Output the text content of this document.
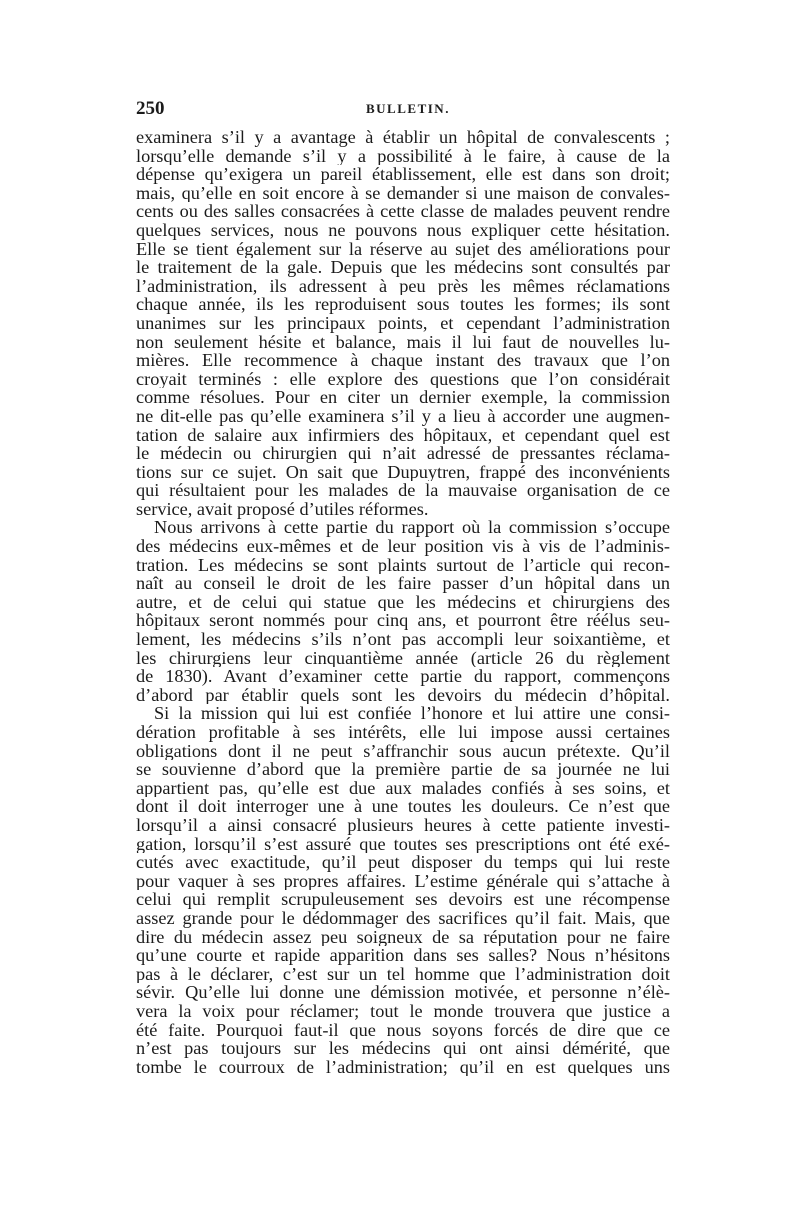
250	BULLETIN.
examinera s’il y a avantage à établir un hôpital de convalescents ;
lorsqu’elle demande s’il y a possibilité à le faire, à cause de la
dépense qu’exigera un pareil établissement, elle est dans son droit;
mais, qu’elle en soit encore à se demander si une maison de convales-
cents ou des salles consacrées à cette classe de malades peuvent rendre
quelques services, nous ne pouvons nous expliquer cette hésitation.
Elle se tient également sur la réserve au sujet des améliorations pour
le traitement de la gale. Depuis que les médecins sont consultés par
l’administration, ils adressent à peu près les mêmes réclamations
chaque année, ils les reproduisent sous toutes les formes; ils sont
unanimes sur les principaux points, et cependant l’administration
non seulement hésite et balance, mais il lui faut de nouvelles lu-
mières. Elle recommence à chaque instant des travaux que l’on
croyait terminés : elle explore des questions que l’on considérait
comme résolues. Pour en citer un dernier exemple, la commission
ne dit-elle pas qu’elle examinera s’il y a lieu à accorder une augmen-
tation de salaire aux infirmiers des hôpitaux, et cependant quel est
le médecin ou chirurgien qui n’ait adressé de pressantes réclama-
tions sur ce sujet. On sait que Dupuytren, frappé des inconvénients
qui résultaient pour les malades de la mauvaise organisation de ce
service, avait proposé d’utiles réformes.
Nous arrivons à cette partie du rapport où la commission s’occupe
des médecins eux-mêmes et de leur position vis à vis de l’adminis-
tration. Les médecins se sont plaints surtout de l’article qui recon-
naît au conseil le droit de les faire passer d’un hôpital dans un
autre, et de celui qui statue que les médecins et chirurgiens des
hôpitaux seront nommés pour cinq ans, et pourront être réélus seu-
lement, les médecins s’ils n’ont pas accompli leur soixantième, et
les chirurgiens leur cinquantième année (article 26 du règlement
de 1830). Avant d’examiner cette partie du rapport, commençons
d’abord par établir quels sont les devoirs du médecin d’hôpital.
Si la mission qui lui est confiée l’honore et lui attire une consi-
dération profitable à ses intérêts, elle lui impose aussi certaines
obligations dont il ne peut s’affranchir sous aucun prétexte. Qu’il
se souvienne d’abord que la première partie de sa journée ne lui
appartient pas, qu’elle est due aux malades confiés à ses soins, et
dont il doit interroger une à une toutes les douleurs. Ce n’est que
lorsqu’il a ainsi consacré plusieurs heures à cette patiente investi-
gation, lorsqu’il s’est assuré que toutes ses prescriptions ont été exé-
cutés avec exactitude, qu’il peut disposer du temps qui lui reste
pour vaquer à ses propres affaires. L’estime générale qui s’attache à
celui qui remplit scrupuleusement ses devoirs est une récompense
assez grande pour le dédommager des sacrifices qu’il fait. Mais, que
dire du médecin assez peu soigneux de sa réputation pour ne faire
qu’une courte et rapide apparition dans ses salles? Nous n’hésitons
pas à le déclarer, c’est sur un tel homme que l’administration doit
sévir. Qu’elle lui donne une démission motivée, et personne n’élè-
vera la voix pour réclamer; tout le monde trouvera que justice a
été faite. Pourquoi faut-il que nous soyons forcés de dire que ce
n’est pas toujours sur les médecins qui ont ainsi démérité, que
tombe le courroux de l’administration; qu’il en est quelques uns
